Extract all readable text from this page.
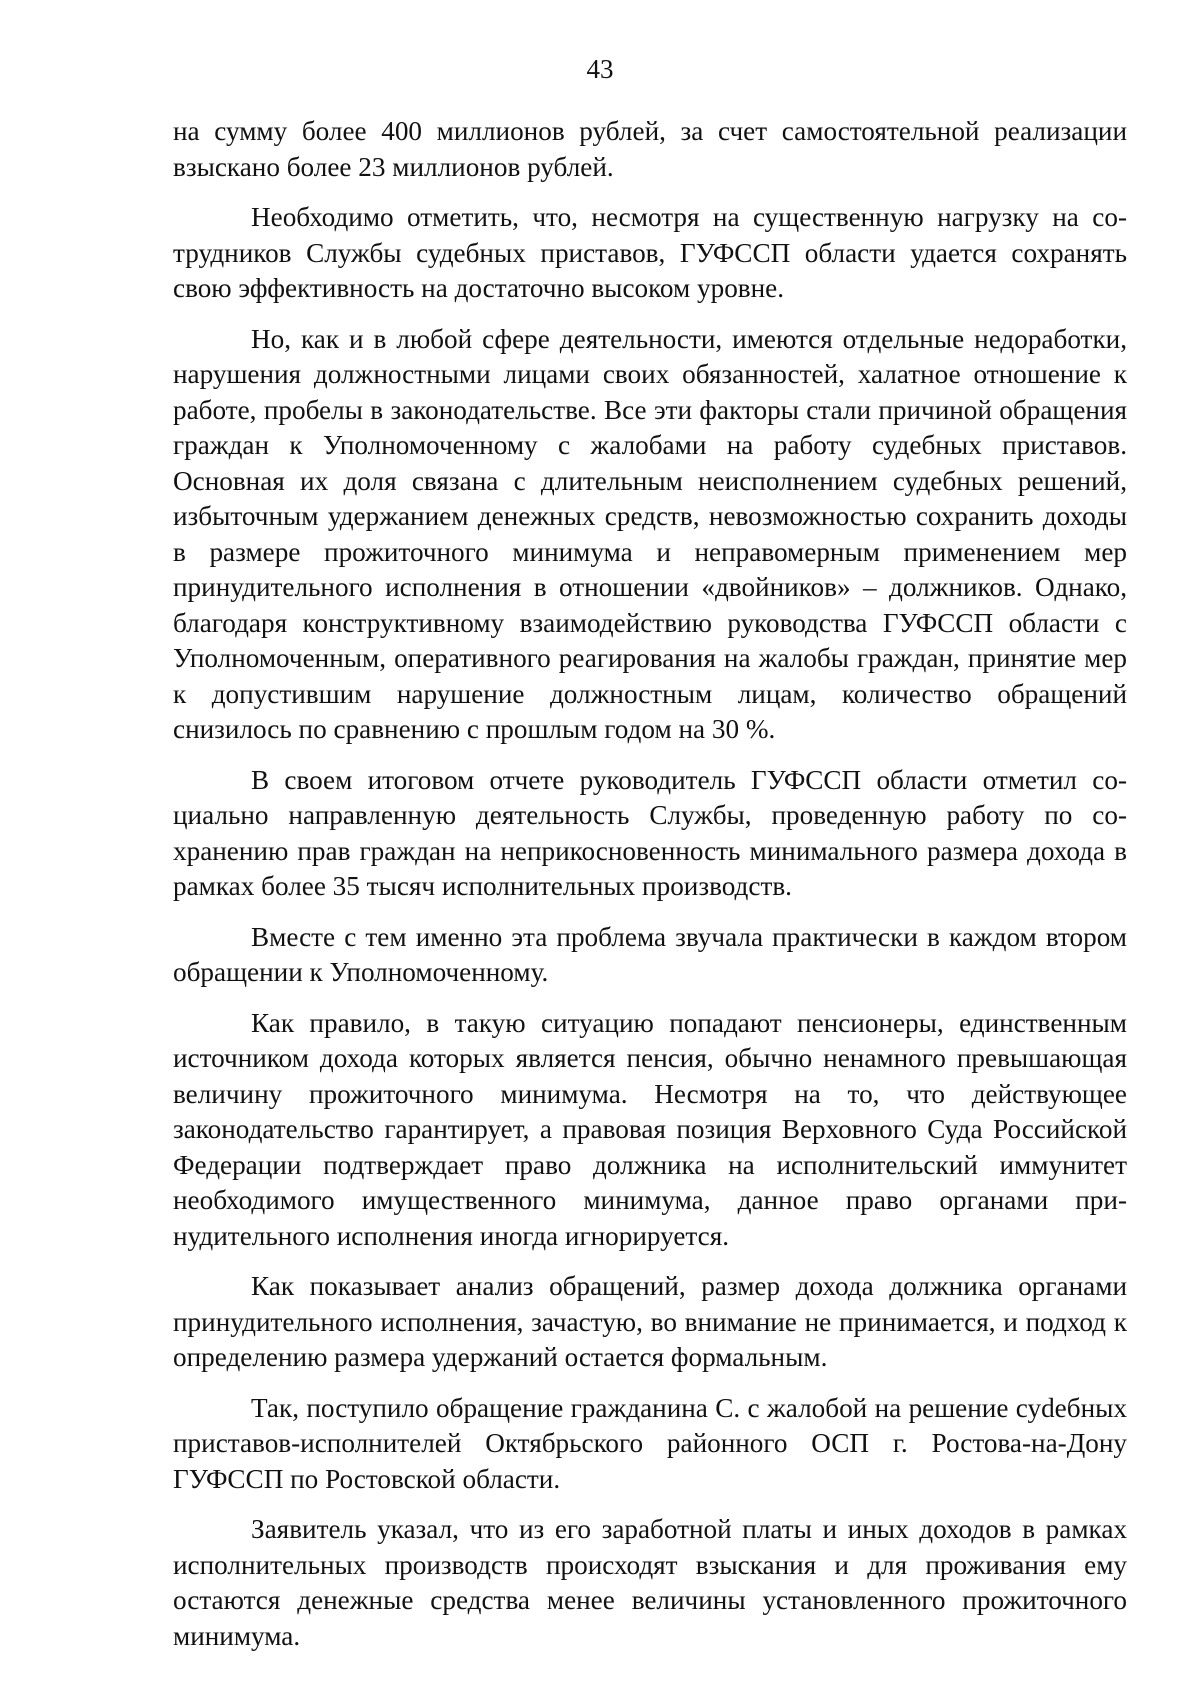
43

на сумму более 400 миллионов рублей, за счет самостоятельной реализации взыскано более 23 миллионов рублей.

Необходимо отметить, что, несмотря на существенную нагрузку на сотрудников Службы судебных приставов, ГУФССП области удается сохранять свою эффективность на достаточно высоком уровне.

Но, как и в любой сфере деятельности, имеются отдельные недоработки, нарушения должностными лицами своих обязанностей, халатное отношение к работе, пробелы в законодательстве. Все эти факторы стали причиной обращения граждан к Уполномоченному с жалобами на работу судебных приставов. Основная их доля связана с длительным неисполнением судебных решений, избыточным удержанием денежных средств, невозможностью сохранить доходы в размере прожиточного минимума и неправомерным применением мер принудительного исполнения в отношении «двойников» – должников. Однако, благодаря конструктивному взаимодействию руководства ГУФССП области с Уполномоченным, оперативного реагирования на жалобы граждан, принятие мер к допустившим нарушение должностным лицам, количество обращений снизилось по сравнению с прошлым годом на 30 %.

В своем итоговом отчете руководитель ГУФССП области отметил социально направленную деятельность Службы, проведенную работу по сохранению прав граждан на неприкосновенность минимального размера дохода в рамках более 35 тысяч исполнительных производств.

Вместе с тем именно эта проблема звучала практически в каждом втором обращении к Уполномоченному.

Как правило, в такую ситуацию попадают пенсионеры, единственным источником дохода которых является пенсия, обычно ненамного превышающая величину прожиточного минимума. Несмотря на то, что действующее законодательство гарантирует, а правовая позиция Верховного Суда Российской Федерации подтверждает право должника на исполнительский иммунитет необходимого имущественного минимума, данное право органами принудительного исполнения иногда игнорируется.

Как показывает анализ обращений, размер дохода должника органами принудительного исполнения, зачастую, во внимание не принимается, и подход к определению размера удержаний остается формальным.

Так, поступило обращение гражданина С. с жалобой на решение суdебных приставов-исполнителей Октябрьского районного ОСП г. Ростова-на-Дону ГУФССП по Ростовской области.

Заявитель указал, что из его заработной платы и иных доходов в рамках исполнительных производств происходят взыскания и для проживания ему остаются денежные средства менее величины установленного прожиточного минимума.
